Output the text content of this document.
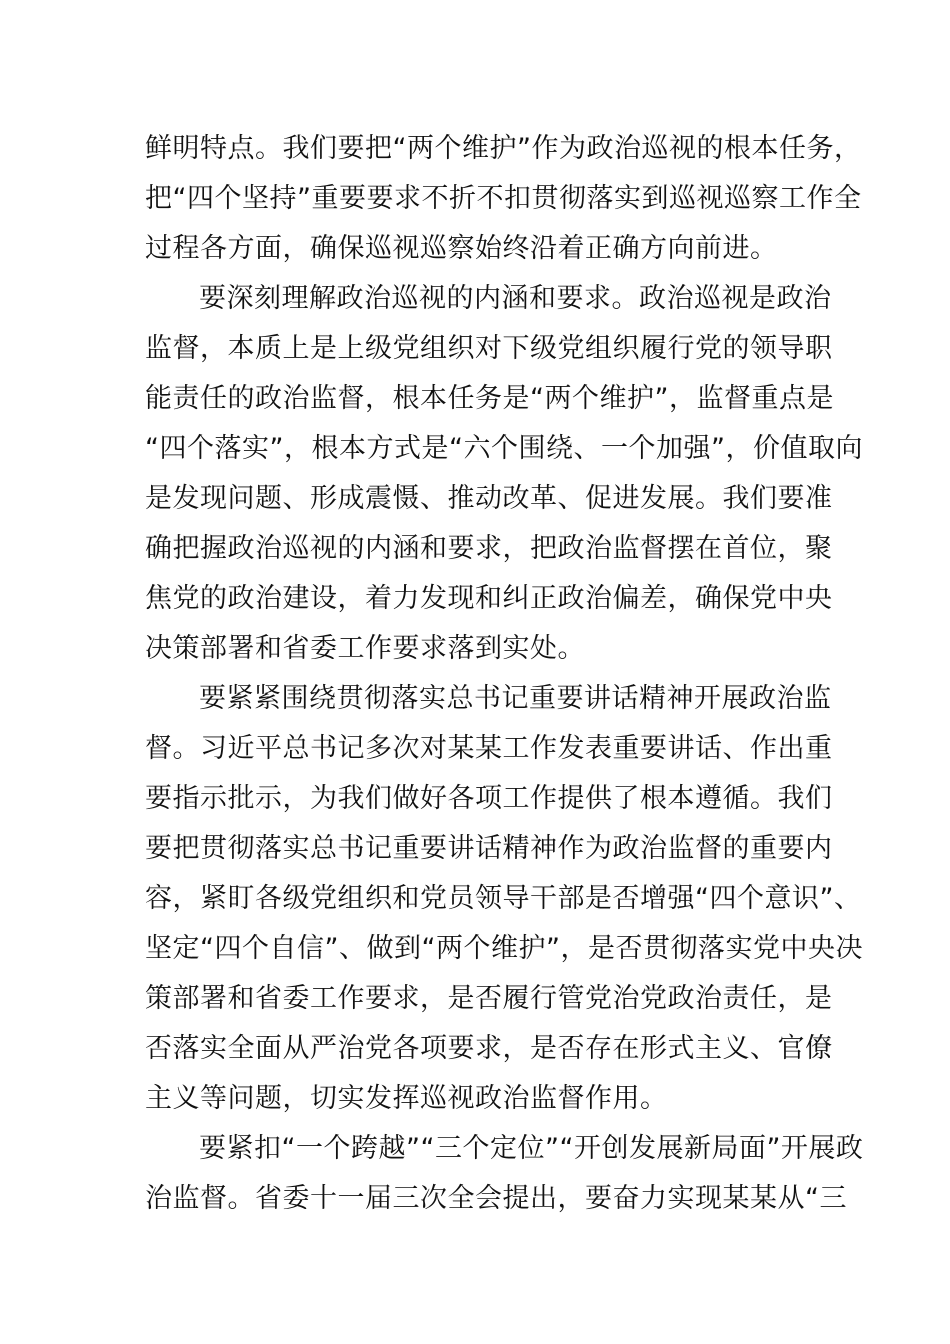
鲜明特点。我们要把“两个维护”作为政治巡视的根本任务，
把“四个坚持”重要要求不折不扣贯彻落实到巡视巡察工作全
过程各方面，确保巡视巡察始终沿着正确方向前进。
要深刻理解政治巡视的内涵和要求。政治巡视是政治
监督，本质上是上级党组织对下级党组织履行党的领导职
能责任的政治监督，根本任务是“两个维护”，监督重点是
“四个落实”，根本方式是“六个围绕、一个加强”，价值取向
是发现问题、形成震慑、推动改革、促进发展。我们要准
确把握政治巡视的内涵和要求，把政治监督摆在首位，聚
焦党的政治建设，着力发现和纠正政治偏差，确保党中央
决策部署和省委工作要求落到实处。
要紧紧围绕贯彻落实总书记重要讲话精神开展政治监
督。习近平总书记多次对某某工作发表重要讲话、作出重
要指示批示，为我们做好各项工作提供了根本遵循。我们
要把贯彻落实总书记重要讲话精神作为政治监督的重要内
容，紧盯各级党组织和党员领导干部是否增强“四个意识”、
坚定“四个自信”、做到“两个维护”，是否贯彻落实党中央决
策部署和省委工作要求，是否履行管党治党政治责任，是
否落实全面从严治党各项要求，是否存在形式主义、官僚
主义等问题，切实发挥巡视政治监督作用。
要紧扣“一个跨越”“三个定位”“开创发展新局面”开展政
治监督。省委十一届三次全会提出，要奋力实现某某从“三
